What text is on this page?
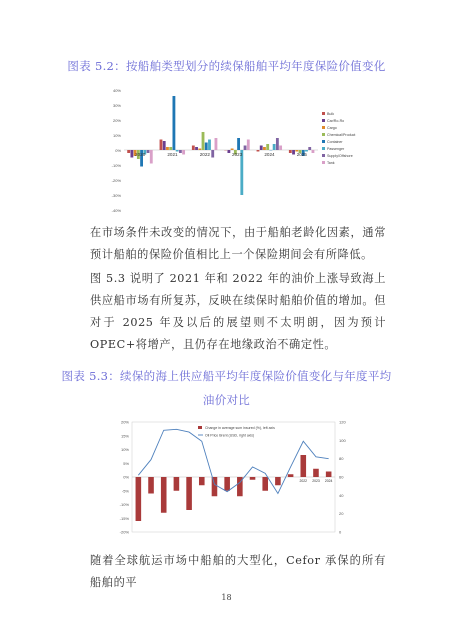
图表 5.2：按船舶类型划分的续保船舶平均年度保险价值变化
40%
30%
20%
10%
0%
-10%
-20%
-30%
-40%
2020	2021	2022	2023	2024	2025
Bulk
Car/Ro-Ro
Cargo
Chemical/Product
Container
Passenger
Supply/Offshore
Tank
在市场条件未改变的情况下，由于船舶老龄化因素，通常预计船舶的保险价值相比上一个保险期间会有所降低。
图 5.3 说明了 2021 年和 2022 年的油价上涨导致海上供应船市场有所复苏，反映在续保时船舶价值的增加。但对于 2025 年及以后的展望则不太明朗，因为预计 OPEC+将增产，且仍存在地缘政治不确定性。
图表 5.3：续保的海上供应船平均年度保险价值变化与年度平均
油价对比
20%
15%
10%
5%
0%
-5%
-10%
-15%
-20%
120
100
80
60
40
20
0
2022 2023 2024
Change in average sum insured (%), left axis
Oil Price Brent (USD, right axis)
随着全球航运市场中船舶的大型化，Cefor 承保的所有船舶的平
18
